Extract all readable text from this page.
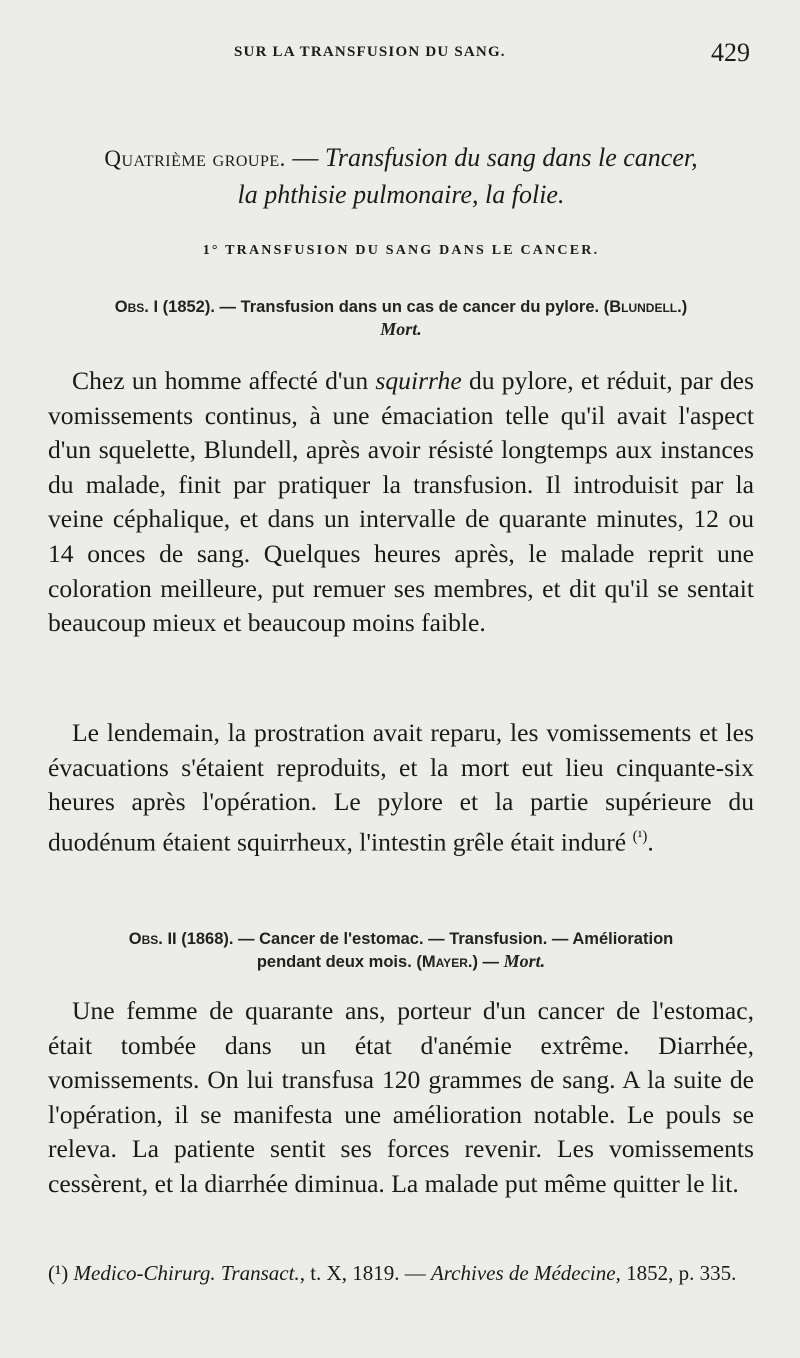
SUR LA TRANSFUSION DU SANG.	429
Quatrième groupe. — Transfusion du sang dans le cancer,
la phthisie pulmonaire, la folie.
1° TRANSFUSION DU SANG DANS LE CANCER.
Obs. I (1852). — Transfusion dans un cas de cancer du pylore. (Blundell.)
Mort.
Chez un homme affecté d'un squirrhe du pylore, et réduit, par des vomissements continus, à une émaciation telle qu'il avait l'aspect d'un squelette, Blundell, après avoir résisté longtemps aux instances du malade, finit par pratiquer la transfusion. Il introduisit par la veine céphalique, et dans un intervalle de quarante minutes, 12 ou 14 onces de sang. Quelques heures après, le malade reprit une coloration meilleure, put remuer ses membres, et dit qu'il se sentait beaucoup mieux et beaucoup moins faible.
Le lendemain, la prostration avait reparu, les vomissements et les évacuations s'étaient reproduits, et la mort eut lieu cinquante-six heures après l'opération. Le pylore et la partie supérieure du duodénum étaient squirrheux, l'intestin grêle était induré $^{(^1)}$.
Obs. II (1868). — Cancer de l'estomac. — Transfusion. — Amélioration
pendant deux mois. (Mayer.) — Mort.
Une femme de quarante ans, porteur d'un cancer de l'estomac, était tombée dans un état d'anémie extrême. Diarrhée, vomissements. On lui transfusa 120 grammes de sang. A la suite de l'opération, il se manifesta une amélioration notable. Le pouls se releva. La patiente sentit ses forces revenir. Les vomissements cessèrent, et la diarrhée diminua. La malade put même quitter le lit.
(¹) Medico-Chirurg. Transact., t. X, 1819. — Archives de Médecine, 1852, p. 335.
